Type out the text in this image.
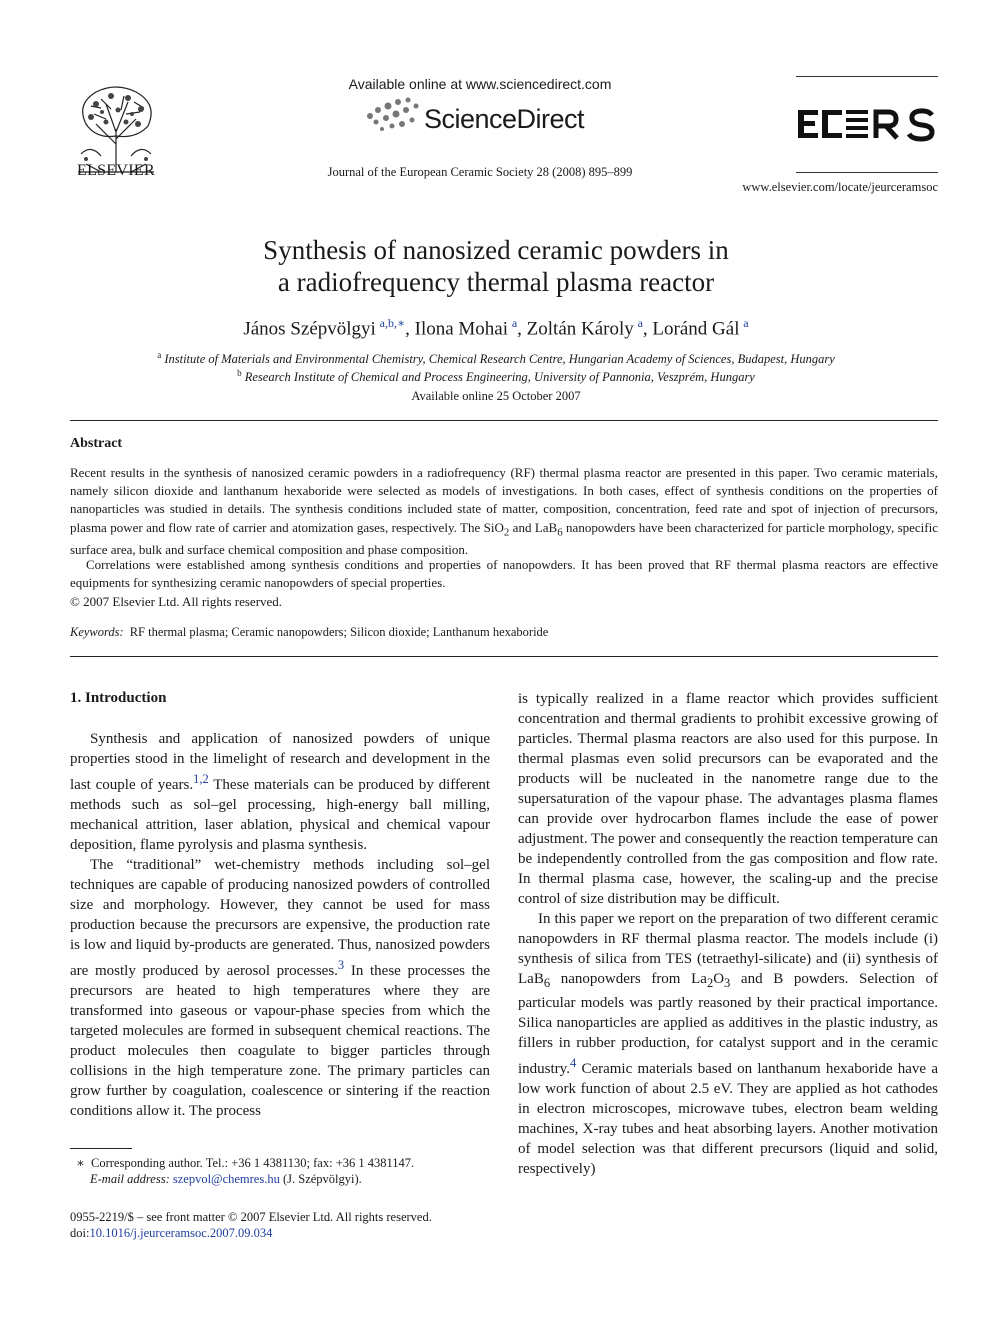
ELSEVIER
Available online at www.sciencedirect.com
ScienceDirect
Journal of the European Ceramic Society 28 (2008) 895–899
www.elsevier.com/locate/jeurceramsoc
Synthesis of nanosized ceramic powders in
a radiofrequency thermal plasma reactor
János Szépvölgyi  $^{a,b,∗}$, Ilona Mohai  $^a$, Zoltán Károly  $^a$, Loránd Gál  $^a$
$^a$ Institute of Materials and Environmental Chemistry, Chemical Research Centre, Hungarian Academy of Sciences, Budapest, Hungary
$^b$ Research Institute of Chemical and Process Engineering, University of Pannonia, Veszprém, Hungary
Available online 25 October 2007
Abstract
Recent results in the synthesis of nanosized ceramic powders in a radiofrequency (RF) thermal plasma reactor are presented in this paper. Two ceramic materials, namely silicon dioxide and lanthanum hexaboride were selected as models of investigations. In both cases, effect of synthesis conditions on the properties of nanoparticles was studied in details. The synthesis conditions included state of matter, composition, concentration, feed rate and spot of injection of precursors, plasma power and flow rate of carrier and atomization gases, respectively. The SiO$_2$ and LaB$_6$ nanopowders have been characterized for particle morphology, specific surface area, bulk and surface chemical composition and phase composition.
Correlations were established among synthesis conditions and properties of nanopowders. It has been proved that RF thermal plasma reactors are effective equipments for synthesizing ceramic nanopowders of special properties.
© 2007 Elsevier Ltd. All rights reserved.
Keywords: RF thermal plasma; Ceramic nanopowders; Silicon dioxide; Lanthanum hexaboride
1. Introduction

Synthesis and application of nanosized powders of unique properties stood in the limelight of research and development in the last couple of years.$^{1,2}$ These materials can be produced by different methods such as sol–gel processing, high-energy ball milling, mechanical attrition, laser ablation, physical and chemical vapour deposition, flame pyrolysis and plasma synthesis.

The “traditional” wet-chemistry methods including sol–gel techniques are capable of producing nanosized powders of controlled size and morphology. However, they cannot be used for mass production because the precursors are expensive, the production rate is low and liquid by-products are generated. Thus, nanosized powders are mostly produced by aerosol processes.$^3$ In these processes the precursors are heated to high temperatures where they are transformed into gaseous or vapour-phase species from which the targeted molecules are formed in subsequent chemical reactions. The product molecules then coagulate to bigger particles through collisions in the high temperature zone. The primary particles can grow further by coagulation, coalescence or sintering if the reaction conditions allow it. The process

is typically realized in a flame reactor which provides sufficient concentration and thermal gradients to prohibit excessive growing of particles. Thermal plasma reactors are also used for this purpose. In thermal plasmas even solid precursors can be evaporated and the products will be nucleated in the nanometre range due to the supersaturation of the vapour phase. The advantages plasma flames can provide over hydrocarbon flames include the ease of power adjustment. The power and consequently the reaction temperature can be independently controlled from the gas composition and flow rate. In thermal plasma case, however, the scaling-up and the precise control of size distribution may be difficult.

In this paper we report on the preparation of two different ceramic nanopowders in RF thermal plasma reactor. The models include (i) synthesis of silica from TES (tetraethyl-silicate) and (ii) synthesis of LaB$_6$ nanopowders from $La_2O_3$ and B powders. Selection of particular models was partly reasoned by their practical importance. Silica nanoparticles are applied as additives in the plastic industry, as fillers in rubber production, for catalyst support and in the ceramic industry.$^4$ Ceramic materials based on lanthanum hexaboride have a low work function of about 2.5 eV. They are applied as hot cathodes in electron microscopes, microwave tubes, electron beam welding machines, X-ray tubes and heat absorbing layers. Another motivation of model selection was that different precursors (liquid and solid, respectively)

∗ Corresponding author. Tel.: +36 1 4381130; fax: +36 1 4381147.
E-mail address: szepvol@chemres.hu (J. Szépvölgyi).
0955-2219/$ – see front matter © 2007 Elsevier Ltd. All rights reserved.
doi:10.1016/j.jeurceramsoc.2007.09.034
